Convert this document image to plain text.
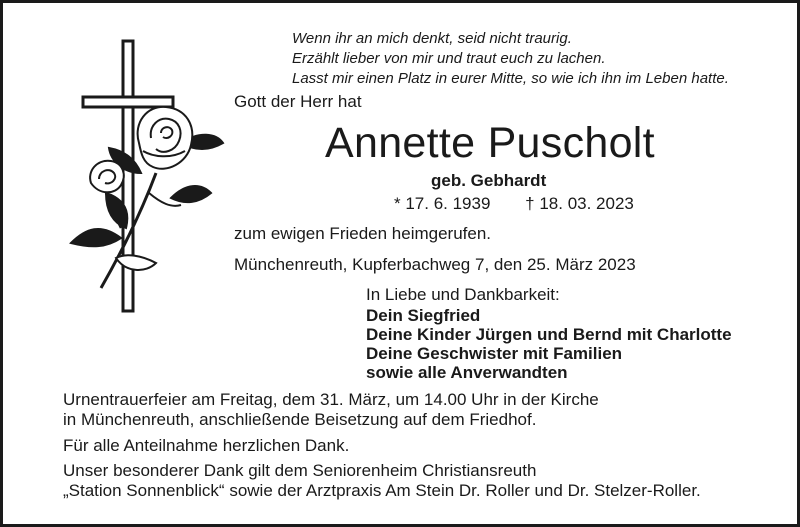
Wenn ihr an mich denkt, seid nicht traurig.
Erzählt lieber von mir und traut euch zu lachen.
Lasst mir einen Platz in eurer Mitte, so wie ich ihn im Leben hatte.
Gott der Herr hat
Annette Puscholt
geb. Gebhardt
* 17. 6. 1939 † 18. 03. 2023
zum ewigen Frieden heimgerufen.
Münchenreuth, Kupferbachweg 7, den 25. März 2023
In Liebe und Dankbarkeit:
Dein Siegfried
Deine Kinder Jürgen und Bernd mit Charlotte
Deine Geschwister mit Familien
sowie alle Anverwandten
Urnentrauerfeier am Freitag, dem 31. März, um 14.00 Uhr in der Kirche
in Münchenreuth, anschließende Beisetzung auf dem Friedhof.
Für alle Anteilnahme herzlichen Dank.
Unser besonderer Dank gilt dem Seniorenheim Christiansreuth
„Station Sonnenblick“ sowie der Arztpraxis Am Stein Dr. Roller und Dr. Stelzer-Roller.
